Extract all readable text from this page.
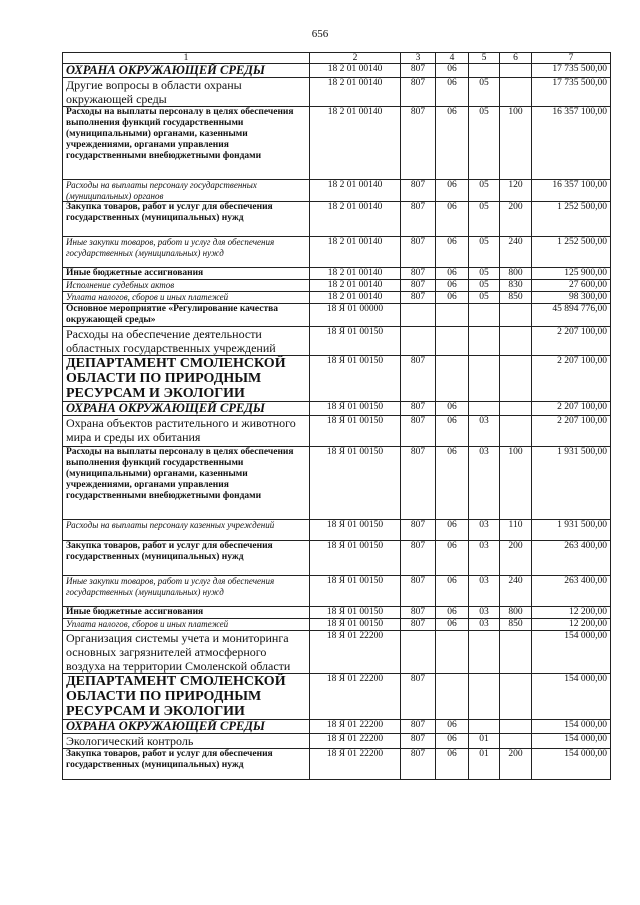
656
1	2	3	4	5	6	7
ОХРАНА ОКРУЖАЮЩЕЙ СРЕДЫ	18 2 01 00140	807	06			17 735 500,00
Другие вопросы в области охраны окружающей среды	18 2 01 00140	807	06	05		17 735 500,00
Расходы на выплаты персоналу в целях обеспечения выполнения функций государственными (муниципальными) органами, казенными учреждениями, органами управления государственными внебюджетными фондами	18 2 01 00140	807	06	05	100	16 357 100,00
Расходы на выплаты персоналу государственных (муниципальных) органов	18 2 01 00140	807	06	05	120	16 357 100,00
Закупка товаров, работ и услуг для обеспечения государственных (муниципальных) нужд	18 2 01 00140	807	06	05	200	1 252 500,00
Иные закупки товаров, работ и услуг для обеспечения государственных (муниципальных) нужд	18 2 01 00140	807	06	05	240	1 252 500,00
Иные бюджетные ассигнования	18 2 01 00140	807	06	05	800	125 900,00
Исполнение судебных актов	18 2 01 00140	807	06	05	830	27 600,00
Уплата налогов, сборов и иных платежей	18 2 01 00140	807	06	05	850	98 300,00
Основное мероприятие «Регулирование качества окружающей среды»	18 Я 01 00000					45 894 776,00
Расходы на обеспечение деятельности областных государственных учреждений	18 Я 01 00150					2 207 100,00
ДЕПАРТАМЕНТ СМОЛЕНСКОЙ ОБЛАСТИ ПО ПРИРОДНЫМ РЕСУРСАМ И ЭКОЛОГИИ	18 Я 01 00150	807				2 207 100,00
ОХРАНА ОКРУЖАЮЩЕЙ СРЕДЫ	18 Я 01 00150	807	06			2 207 100,00
Охрана объектов растительного и животного мира и среды их обитания	18 Я 01 00150	807	06	03		2 207 100,00
Расходы на выплаты персоналу в целях обеспечения выполнения функций государственными (муниципальными) органами, казенными учреждениями, органами управления государственными внебюджетными фондами	18 Я 01 00150	807	06	03	100	1 931 500,00
Расходы на выплаты персоналу казенных учреждений	18 Я 01 00150	807	06	03	110	1 931 500,00
Закупка товаров, работ и услуг для обеспечения государственных (муниципальных) нужд	18 Я 01 00150	807	06	03	200	263 400,00
Иные закупки товаров, работ и услуг для обеспечения государственных (муниципальных) нужд	18 Я 01 00150	807	06	03	240	263 400,00
Иные бюджетные ассигнования	18 Я 01 00150	807	06	03	800	12 200,00
Уплата налогов, сборов и иных платежей	18 Я 01 00150	807	06	03	850	12 200,00
Организация системы учета и мониторинга основных загрязнителей атмосферного воздуха на территории Смоленской области	18 Я 01 22200					154 000,00
ДЕПАРТАМЕНТ СМОЛЕНСКОЙ ОБЛАСТИ ПО ПРИРОДНЫМ РЕСУРСАМ И ЭКОЛОГИИ	18 Я 01 22200	807				154 000,00
ОХРАНА ОКРУЖАЮЩЕЙ СРЕДЫ	18 Я 01 22200	807	06			154 000,00
Экологический контроль	18 Я 01 22200	807	06	01		154 000,00
Закупка товаров, работ и услуг для обеспечения государственных (муниципальных) нужд	18 Я 01 22200	807	06	01	200	154 000,00
